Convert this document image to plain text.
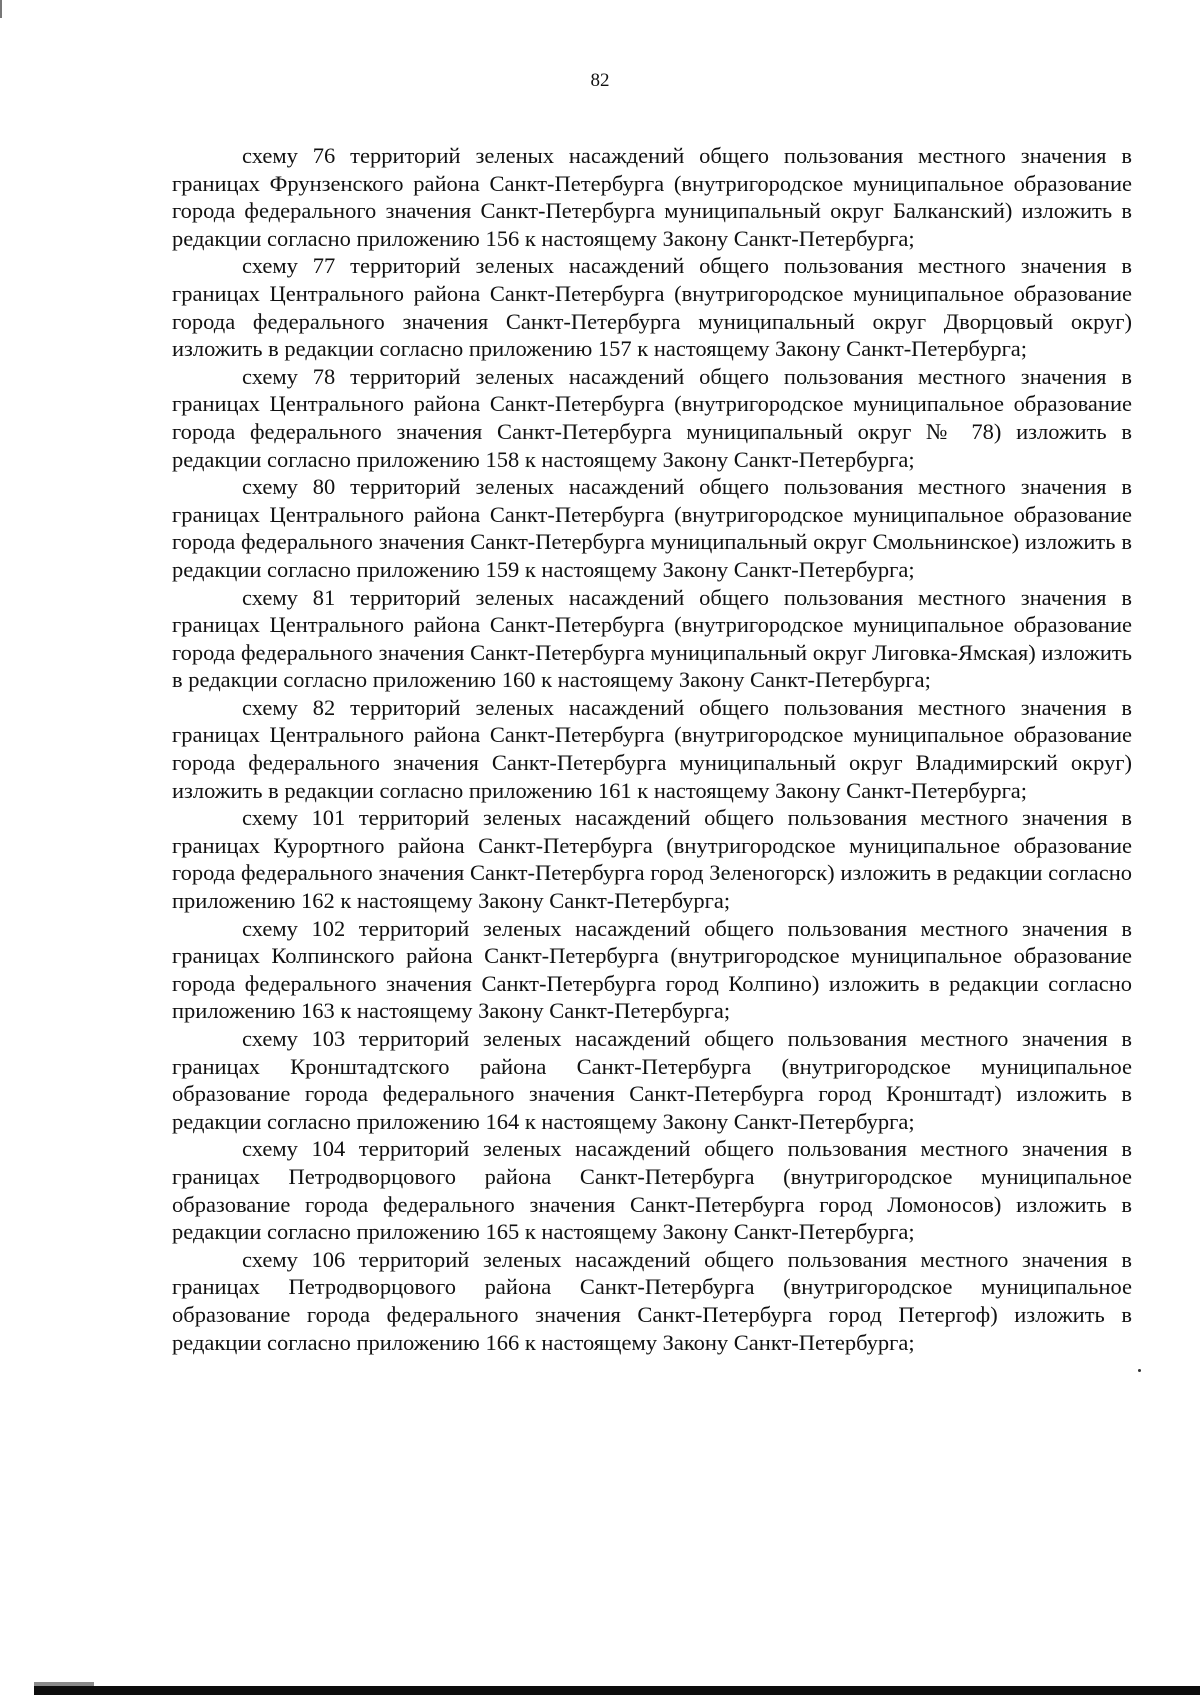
82

схему 76 территорий зеленых насаждений общего пользования местного значения в границах Фрунзенского района Санкт-Петербурга (внутригородское муниципальное образование города федерального значения Санкт-Петербурга муниципальный округ Балканский) изложить в редакции согласно приложению 156 к настоящему Закону Санкт-Петербурга;

схему 77 территорий зеленых насаждений общего пользования местного значения в границах Центрального района Санкт-Петербурга (внутригородское муниципальное образование города федерального значения Санкт-Петербурга муниципальный округ Дворцовый округ) изложить в редакции согласно приложению 157 к настоящему Закону Санкт-Петербурга;

схему 78 территорий зеленых насаждений общего пользования местного значения в границах Центрального района Санкт-Петербурга (внутригородское муниципальное образование города федерального значения Санкт-Петербурга муниципальный округ № 78) изложить в редакции согласно приложению 158 к настоящему Закону Санкт-Петербурга;

схему 80 территорий зеленых насаждений общего пользования местного значения в границах Центрального района Санкт-Петербурга (внутригородское муниципальное образование города федерального значения Санкт-Петербурга муниципальный округ Смольнинское) изложить в редакции согласно приложению 159 к настоящему Закону Санкт-Петербурга;

схему 81 территорий зеленых насаждений общего пользования местного значения в границах Центрального района Санкт-Петербурга (внутригородское муниципальное образование города федерального значения Санкт-Петербурга муниципальный округ Лиговка-Ямская) изложить в редакции согласно приложению 160 к настоящему Закону Санкт-Петербурга;

схему 82 территорий зеленых насаждений общего пользования местного значения в границах Центрального района Санкт-Петербурга (внутригородское муниципальное образование города федерального значения Санкт-Петербурга муниципальный округ Владимирский округ) изложить в редакции согласно приложению 161 к настоящему Закону Санкт-Петербурга;

схему 101 территорий зеленых насаждений общего пользования местного значения в границах Курортного района Санкт-Петербурга (внутригородское муниципальное образование города федерального значения Санкт-Петербурга город Зеленогорск) изложить в редакции согласно приложению 162 к настоящему Закону Санкт-Петербурга;

схему 102 территорий зеленых насаждений общего пользования местного значения в границах Колпинского района Санкт-Петербурга (внутригородское муниципальное образование города федерального значения Санкт-Петербурга город Колпино) изложить в редакции согласно приложению 163 к настоящему Закону Санкт-Петербурга;

схему 103 территорий зеленых насаждений общего пользования местного значения в границах Кронштадтского района Санкт-Петербурга (внутригородское муниципальное образование города федерального значения Санкт-Петербурга город Кронштадт) изложить в редакции согласно приложению 164 к настоящему Закону Санкт-Петербурга;

схему 104 территорий зеленых насаждений общего пользования местного значения в границах Петродворцового района Санкт-Петербурга (внутригородское муниципальное образование города федерального значения Санкт-Петербурга город Ломоносов) изложить в редакции согласно приложению 165 к настоящему Закону Санкт-Петербурга;

схему 106 территорий зеленых насаждений общего пользования местного значения в границах Петродворцового района Санкт-Петербурга (внутригородское муниципальное образование города федерального значения Санкт-Петербурга город Петергоф) изложить в редакции согласно приложению 166 к настоящему Закону Санкт-Петербурга;
